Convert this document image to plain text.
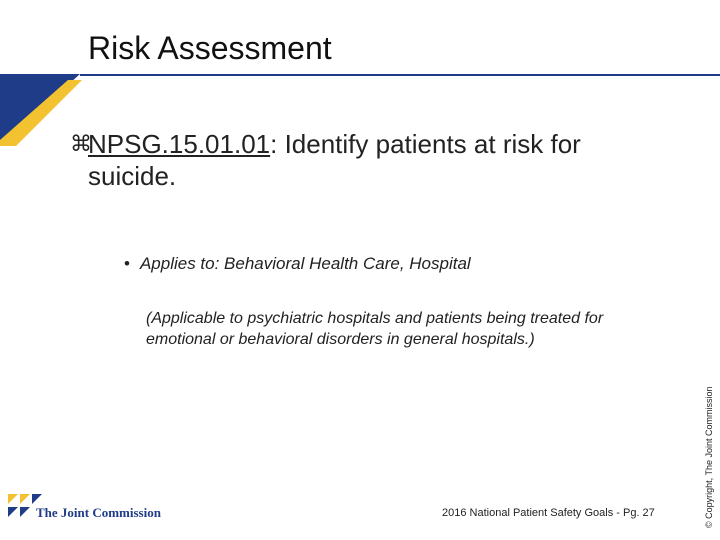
Risk Assessment
⌘
NPSG.15.01.01: Identify patients at risk for suicide.
• Applies to: Behavioral Health Care, Hospital
(Applicable to psychiatric hospitals and patients being treated for emotional or behavioral disorders in general hospitals.)
2016 National Patient Safety Goals - Pg. 27	© Copyright, The Joint Commission
The Joint Commission
